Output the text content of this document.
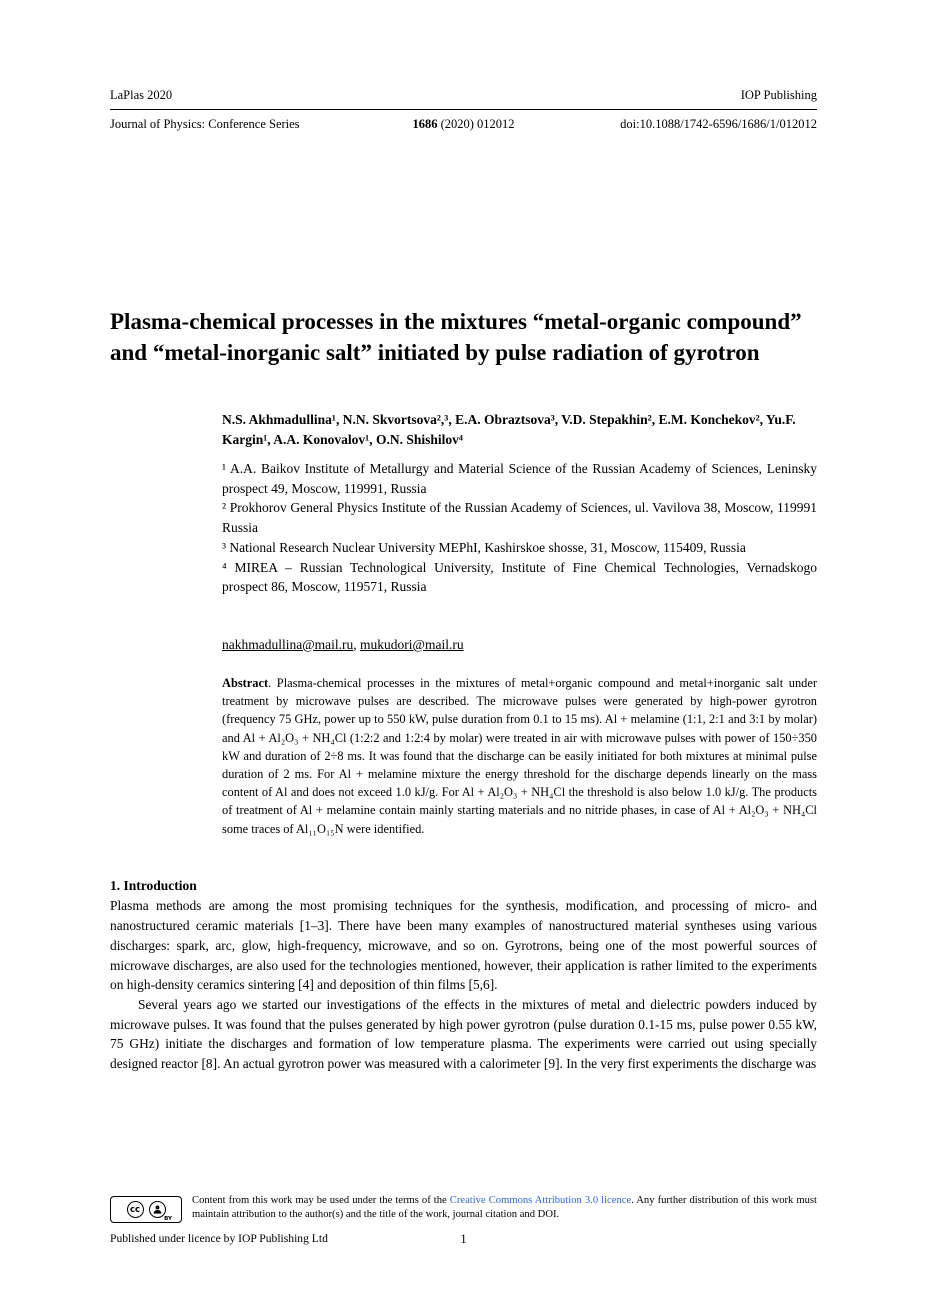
LaPlas 2020	IOP Publishing
Journal of Physics: Conference Series	1686 (2020) 012012	doi:10.1088/1742-6596/1686/1/012012
Plasma-chemical processes in the mixtures “metal-organic compound” and “metal-inorganic salt” initiated by pulse radiation of gyrotron

N.S. Akhmadullina¹, N.N. Skvortsova²,³, E.A. Obraztsova³, V.D. Stepakhin², E.M. Konchekov², Yu.F. Kargin¹, A.A. Konovalov¹, O.N. Shishilov⁴

¹ A.A. Baikov Institute of Metallurgy and Material Science of the Russian Academy of Sciences, Leninsky prospect 49, Moscow, 119991, Russia

² Prokhorov General Physics Institute of the Russian Academy of Sciences, ul. Vavilova 38, Moscow, 119991 Russia

³ National Research Nuclear University MEPhI, Kashirskoe shosse, 31, Moscow, 115409, Russia

⁴ MIREA – Russian Technological University, Institute of Fine Chemical Technologies, Vernadskogo prospect 86, Moscow, 119571, Russia

nakhmadullina@mail.ru, mukudori@mail.ru

Abstract. Plasma-chemical processes in the mixtures of metal+organic compound and metal+inorganic salt under treatment by microwave pulses are described. The microwave pulses were generated by high-power gyrotron (frequency 75 GHz, power up to 550 kW, pulse duration from 0.1 to 15 ms). Al + melamine (1:1, 2:1 and 3:1 by molar) and Al + Al₂O₃ + NH₄Cl (1:2:2 and 1:2:4 by molar) were treated in air with microwave pulses with power of 150÷350 kW and duration of 2÷8 ms. It was found that the discharge can be easily initiated for both mixtures at minimal pulse duration of 2 ms. For Al + melamine mixture the energy threshold for the discharge depends linearly on the mass content of Al and does not exceed 1.0 kJ/g. For Al + Al₂O₃ + NH₄Cl the threshold is also below 1.0 kJ/g. The products of treatment of Al + melamine contain mainly starting materials and no nitride phases, in case of Al + Al₂O₃ + NH₄Cl some traces of Al₁₁O₁₅N were identified.

1. Introduction

Plasma methods are among the most promising techniques for the synthesis, modification, and processing of micro- and nanostructured ceramic materials [1–3]. There have been many examples of nanostructured material syntheses using various discharges: spark, arc, glow, high-frequency, microwave, and so on. Gyrotrons, being one of the most powerful sources of microwave discharges, are also used for the technologies mentioned, however, their application is rather limited to the experiments on high-density ceramics sintering [4] and deposition of thin films [5,6].

Several years ago we started our investigations of the effects in the mixtures of metal and dielectric powders induced by microwave pulses. It was found that the pulses generated by high power gyrotron (pulse duration 0.1-15 ms, pulse power 0.55 kW, 75 GHz) initiate the discharges and formation of low temperature plasma. The experiments were carried out using specially designed reactor [8]. An actual gyrotron power was measured with a calorimeter [9]. In the very first experiments the discharge was

cc
BY
Content from this work may be used under the terms of the Creative Commons Attribution 3.0 licence. Any further distribution of this work must maintain attribution to the author(s) and the title of the work, journal citation and DOI.
Published under licence by IOP Publishing Ltd	1
